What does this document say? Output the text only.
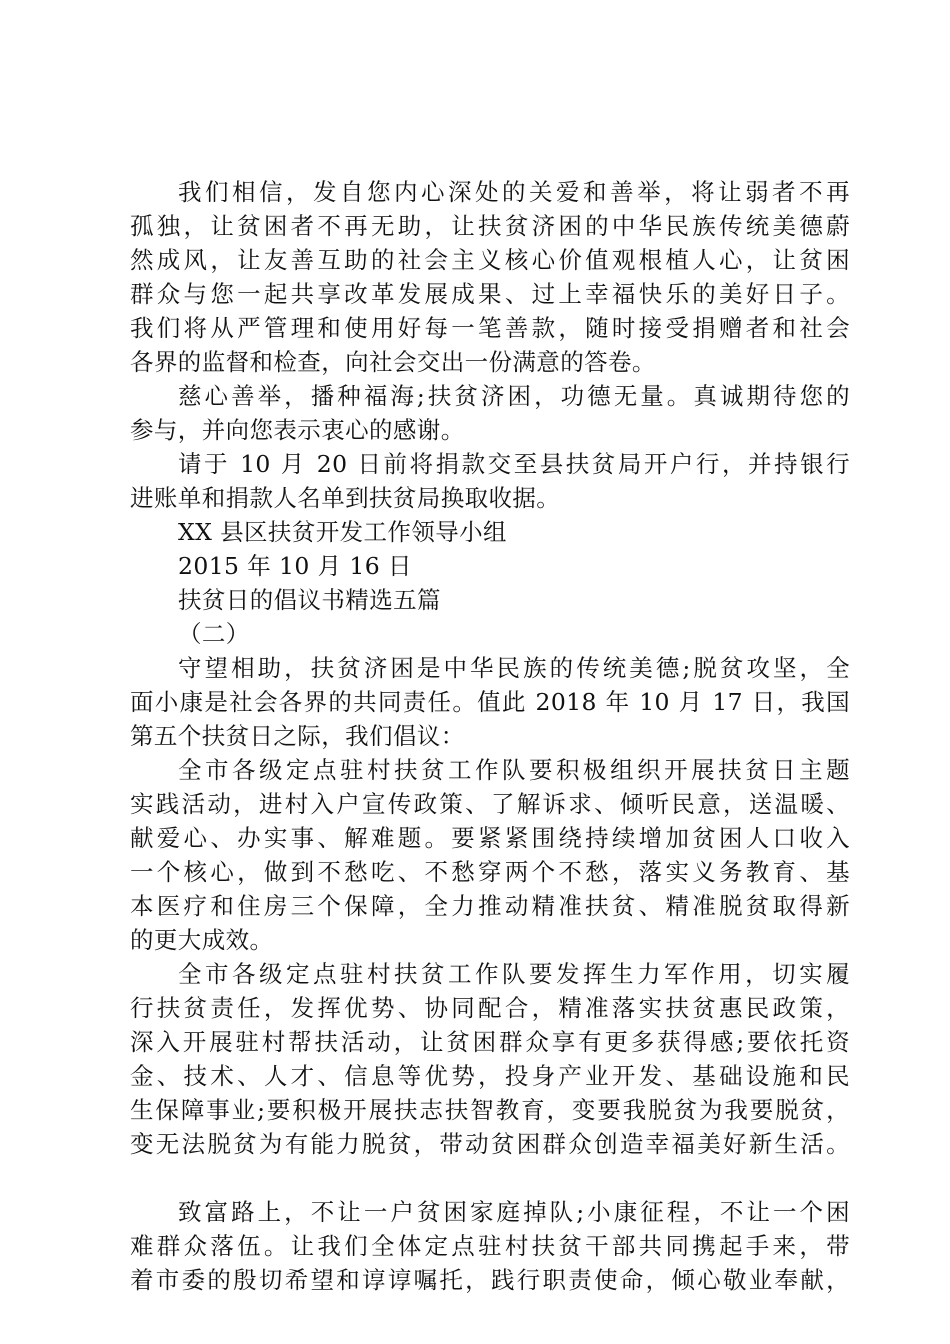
我们相信，发自您内心深处的关爱和善举，将让弱者不再
孤独，让贫困者不再无助，让扶贫济困的中华民族传统美德蔚
然成风，让友善互助的社会主义核心价值观根植人心，让贫困
群众与您一起共享改革发展成果、过上幸福快乐的美好日子。
我们将从严管理和使用好每一笔善款，随时接受捐赠者和社会
各界的监督和检查，向社会交出一份满意的答卷。
慈心善举，播种福海;扶贫济困，功德无量。真诚期待您的
参与，并向您表示衷心的感谢。
请于 10 月 20 日前将捐款交至县扶贫局开户行，并持银行
进账单和捐款人名单到扶贫局换取收据。
XX 县区扶贫开发工作领导小组
2015 年 10 月 16 日
扶贫日的倡议书精选五篇
（二）
守望相助，扶贫济困是中华民族的传统美德;脱贫攻坚，全
面小康是社会各界的共同责任。值此 2018 年 10 月 17 日，我国
第五个扶贫日之际，我们倡议：
全市各级定点驻村扶贫工作队要积极组织开展扶贫日主题
实践活动，进村入户宣传政策、了解诉求、倾听民意，送温暖、
献爱心、办实事、解难题。要紧紧围绕持续增加贫困人口收入
一个核心，做到不愁吃、不愁穿两个不愁，落实义务教育、基
本医疗和住房三个保障，全力推动精准扶贫、精准脱贫取得新
的更大成效。
全市各级定点驻村扶贫工作队要发挥生力军作用，切实履
行扶贫责任，发挥优势、协同配合，精准落实扶贫惠民政策，
深入开展驻村帮扶活动，让贫困群众享有更多获得感;要依托资
金、技术、人才、信息等优势，投身产业开发、基础设施和民
生保障事业;要积极开展扶志扶智教育，变要我脱贫为我要脱贫，
变无法脱贫为有能力脱贫，带动贫困群众创造幸福美好新生活。
致富路上，不让一户贫困家庭掉队;小康征程，不让一个困
难群众落伍。让我们全体定点驻村扶贫干部共同携起手来，带
着市委的殷切希望和谆谆嘱托，践行职责使命，倾心敬业奉献，
